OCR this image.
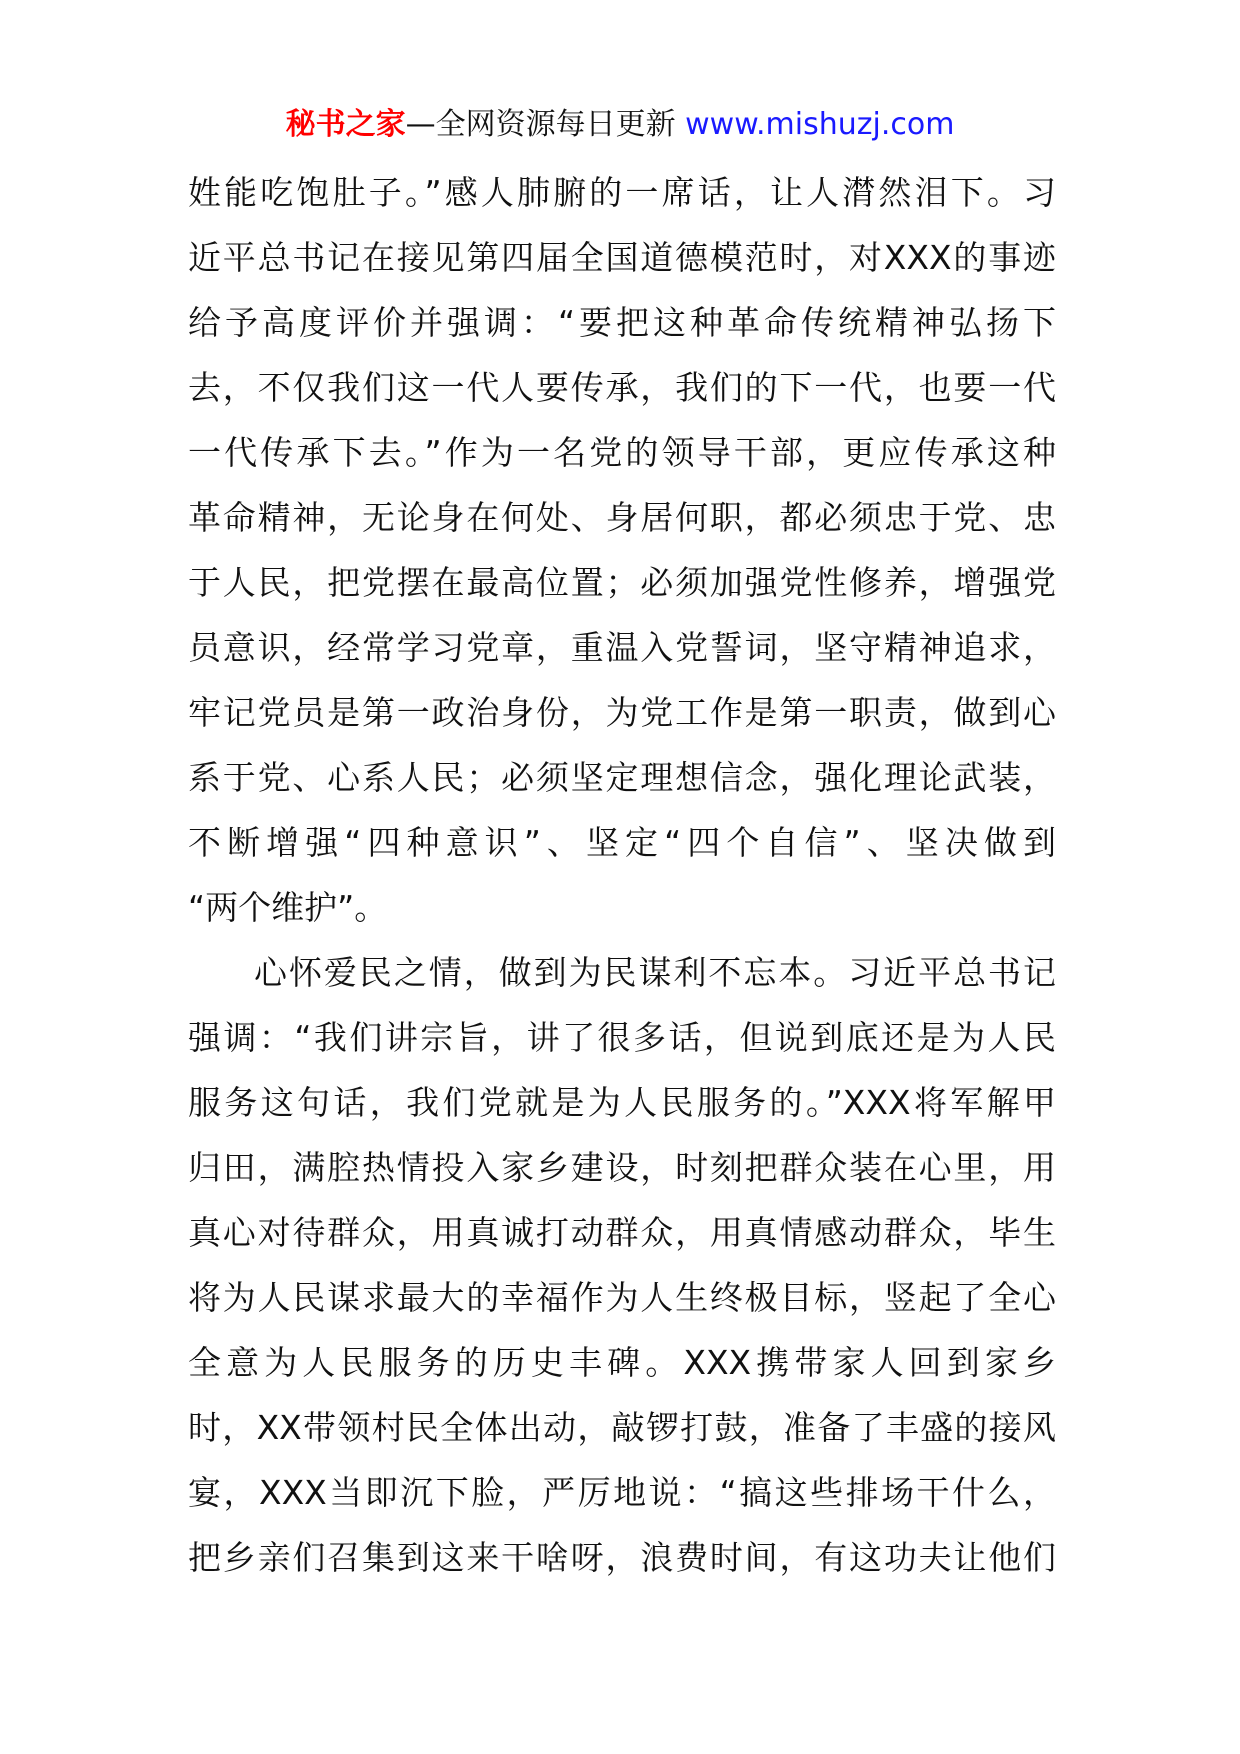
秘书之家—全网资源每日更新 www.mishuzj.com
姓能吃饱肚子。”感人肺腑的一席话，让人潸然泪下。习
近平总书记在接见第四届全国道德模范时，对XXX的事迹
给予高度评价并强调：“要把这种革命传统精神弘扬下
去，不仅我们这一代人要传承，我们的下一代，也要一代
一代传承下去。”作为一名党的领导干部，更应传承这种
革命精神，无论身在何处、身居何职，都必须忠于党、忠
于人民，把党摆在最高位置；必须加强党性修养，增强党
员意识，经常学习党章，重温入党誓词，坚守精神追求，
牢记党员是第一政治身份，为党工作是第一职责，做到心
系于党、心系人民；必须坚定理想信念，强化理论武装，
不断增强“四种意识”、坚定“四个自信”、坚决做到
“两个维护”。
心怀爱民之情，做到为民谋利不忘本。习近平总书记
强调：“我们讲宗旨，讲了很多话，但说到底还是为人民
服务这句话，我们党就是为人民服务的。”XXX将军解甲
归田，满腔热情投入家乡建设，时刻把群众装在心里，用
真心对待群众，用真诚打动群众，用真情感动群众，毕生
将为人民谋求最大的幸福作为人生终极目标，竖起了全心
全意为人民服务的历史丰碑。XXX携带家人回到家乡
时，XX带领村民全体出动，敲锣打鼓，准备了丰盛的接风
宴，XXX当即沉下脸，严厉地说：“搞这些排场干什么，
把乡亲们召集到这来干啥呀，浪费时间，有这功夫让他们
